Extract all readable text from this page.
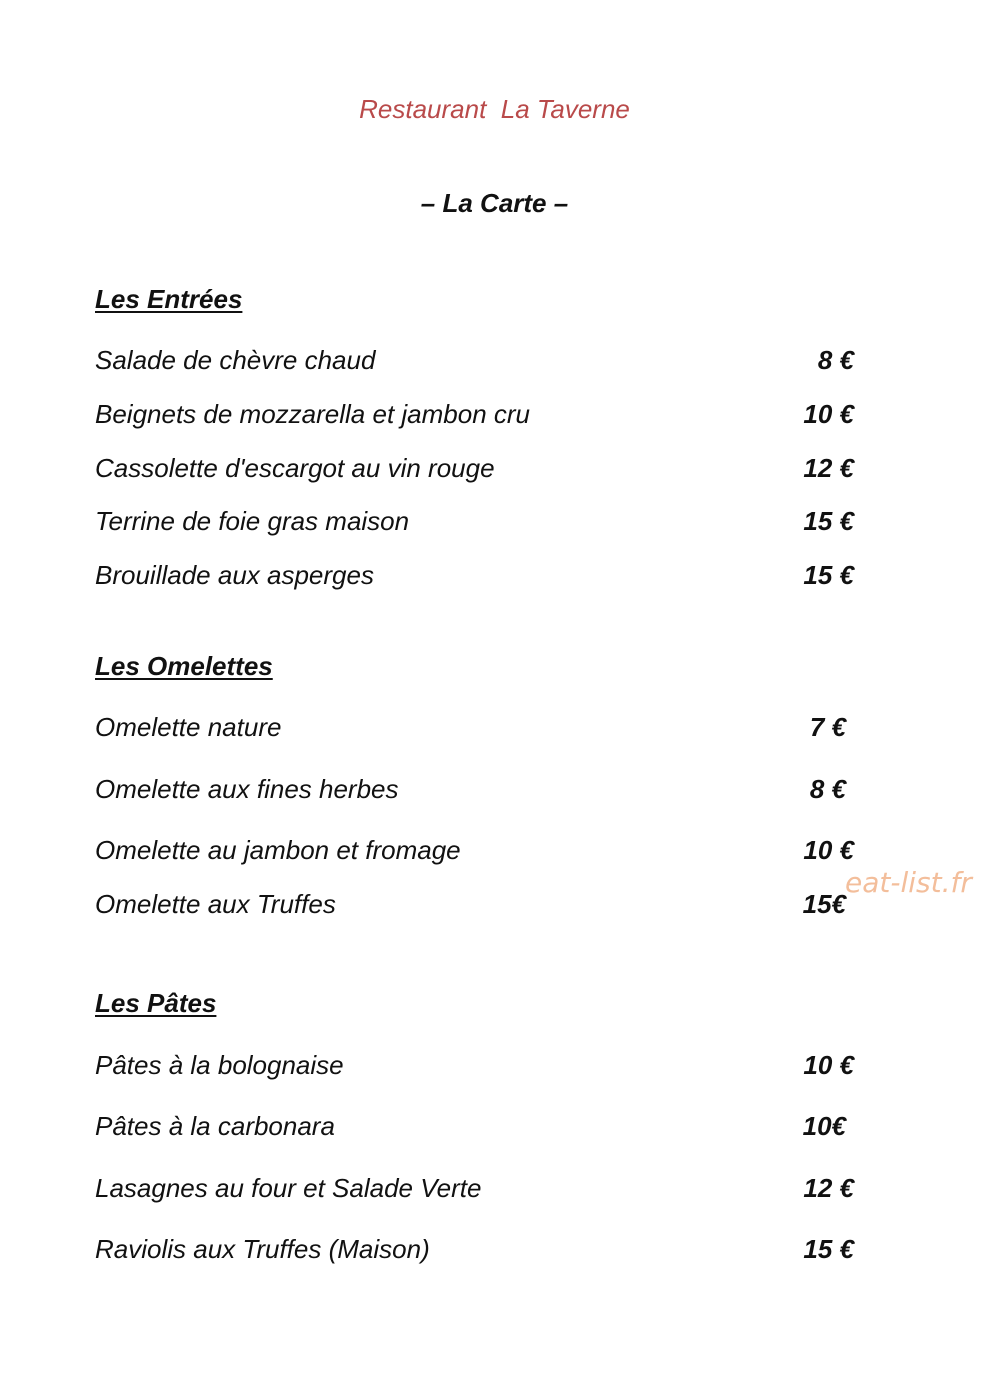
Restaurant  La Taverne
– La Carte –
Les Entrées
Salade de chèvre chaud	8 €
Beignets de mozzarella et jambon cru	10 €
Cassolette d'escargot au vin rouge	12 €
Terrine de foie gras maison	15 €
Brouillade aux asperges	15 €
Les Omelettes
Omelette nature	7 €
Omelette aux fines herbes	8 €
Omelette au jambon et fromage	10 €
Omelette aux Truffes	15€
Les Pâtes
Pâtes à la bolognaise	10 €
Pâtes à la carbonara	10€
Lasagnes au four et Salade Verte	12 €
Raviolis aux Truffes (Maison)	15 €
eat-list.fr
